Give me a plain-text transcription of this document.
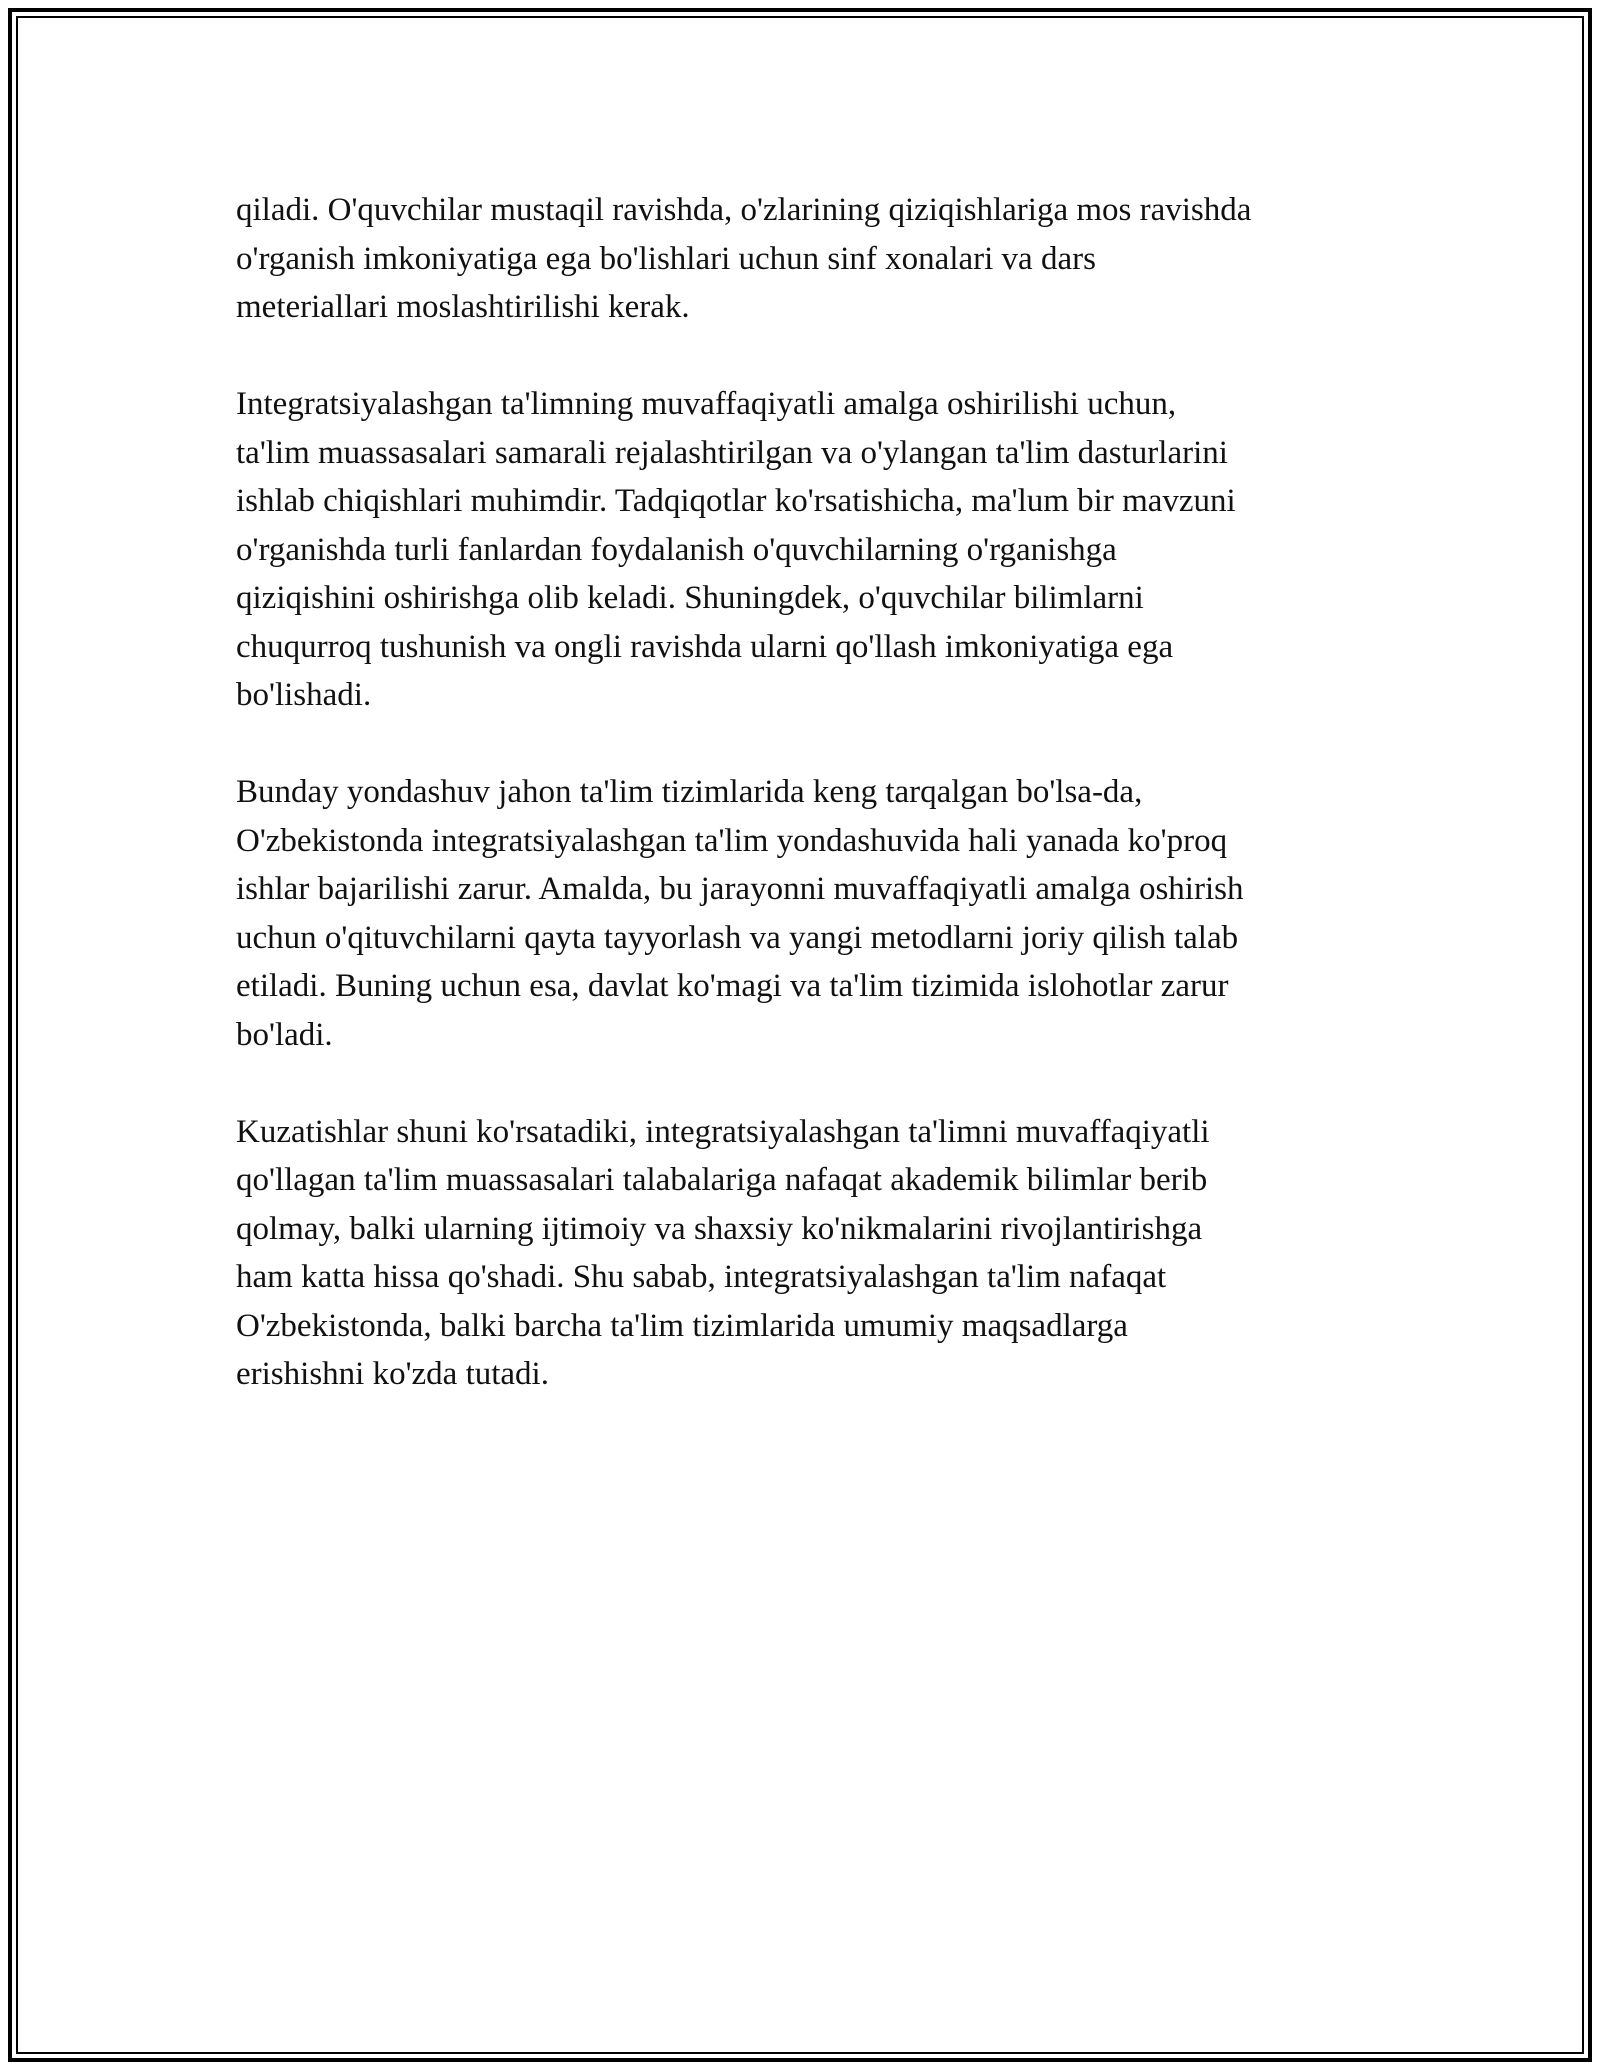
qiladi. O'quvchilar mustaqil ravishda, o'zlarining qiziqishlariga mos ravishda
o'rganish imkoniyatiga ega bo'lishlari uchun sinf xonalari va dars
meteriallari moslashtirilishi kerak.
Integratsiyalashgan ta'limning muvaffaqiyatli amalga oshirilishi uchun,
ta'lim muassasalari samarali rejalashtirilgan va o'ylangan ta'lim dasturlarini
ishlab chiqishlari muhimdir. Tadqiqotlar ko'rsatishicha, ma'lum bir mavzuni
o'rganishda turli fanlardan foydalanish o'quvchilarning o'rganishga
qiziqishini oshirishga olib keladi. Shuningdek, o'quvchilar bilimlarni
chuqurroq tushunish va ongli ravishda ularni qo'llash imkoniyatiga ega
bo'lishadi.
Bunday yondashuv jahon ta'lim tizimlarida keng tarqalgan bo'lsa-da,
O'zbekistonda integratsiyalashgan ta'lim yondashuvida hali yanada ko'proq
ishlar bajarilishi zarur. Amalda, bu jarayonni muvaffaqiyatli amalga oshirish
uchun o'qituvchilarni qayta tayyorlash va yangi metodlarni joriy qilish talab
etiladi. Buning uchun esa, davlat ko'magi va ta'lim tizimida islohotlar zarur
bo'ladi.
Kuzatishlar shuni ko'rsatadiki, integratsiyalashgan ta'limni muvaffaqiyatli
qo'llagan ta'lim muassasalari talabalariga nafaqat akademik bilimlar berib
qolmay, balki ularning ijtimoiy va shaxsiy ko'nikmalarini rivojlantirishga
ham katta hissa qo'shadi. Shu sabab, integratsiyalashgan ta'lim nafaqat
O'zbekistonda, balki barcha ta'lim tizimlarida umumiy maqsadlarga
erishishni ko'zda tutadi.
